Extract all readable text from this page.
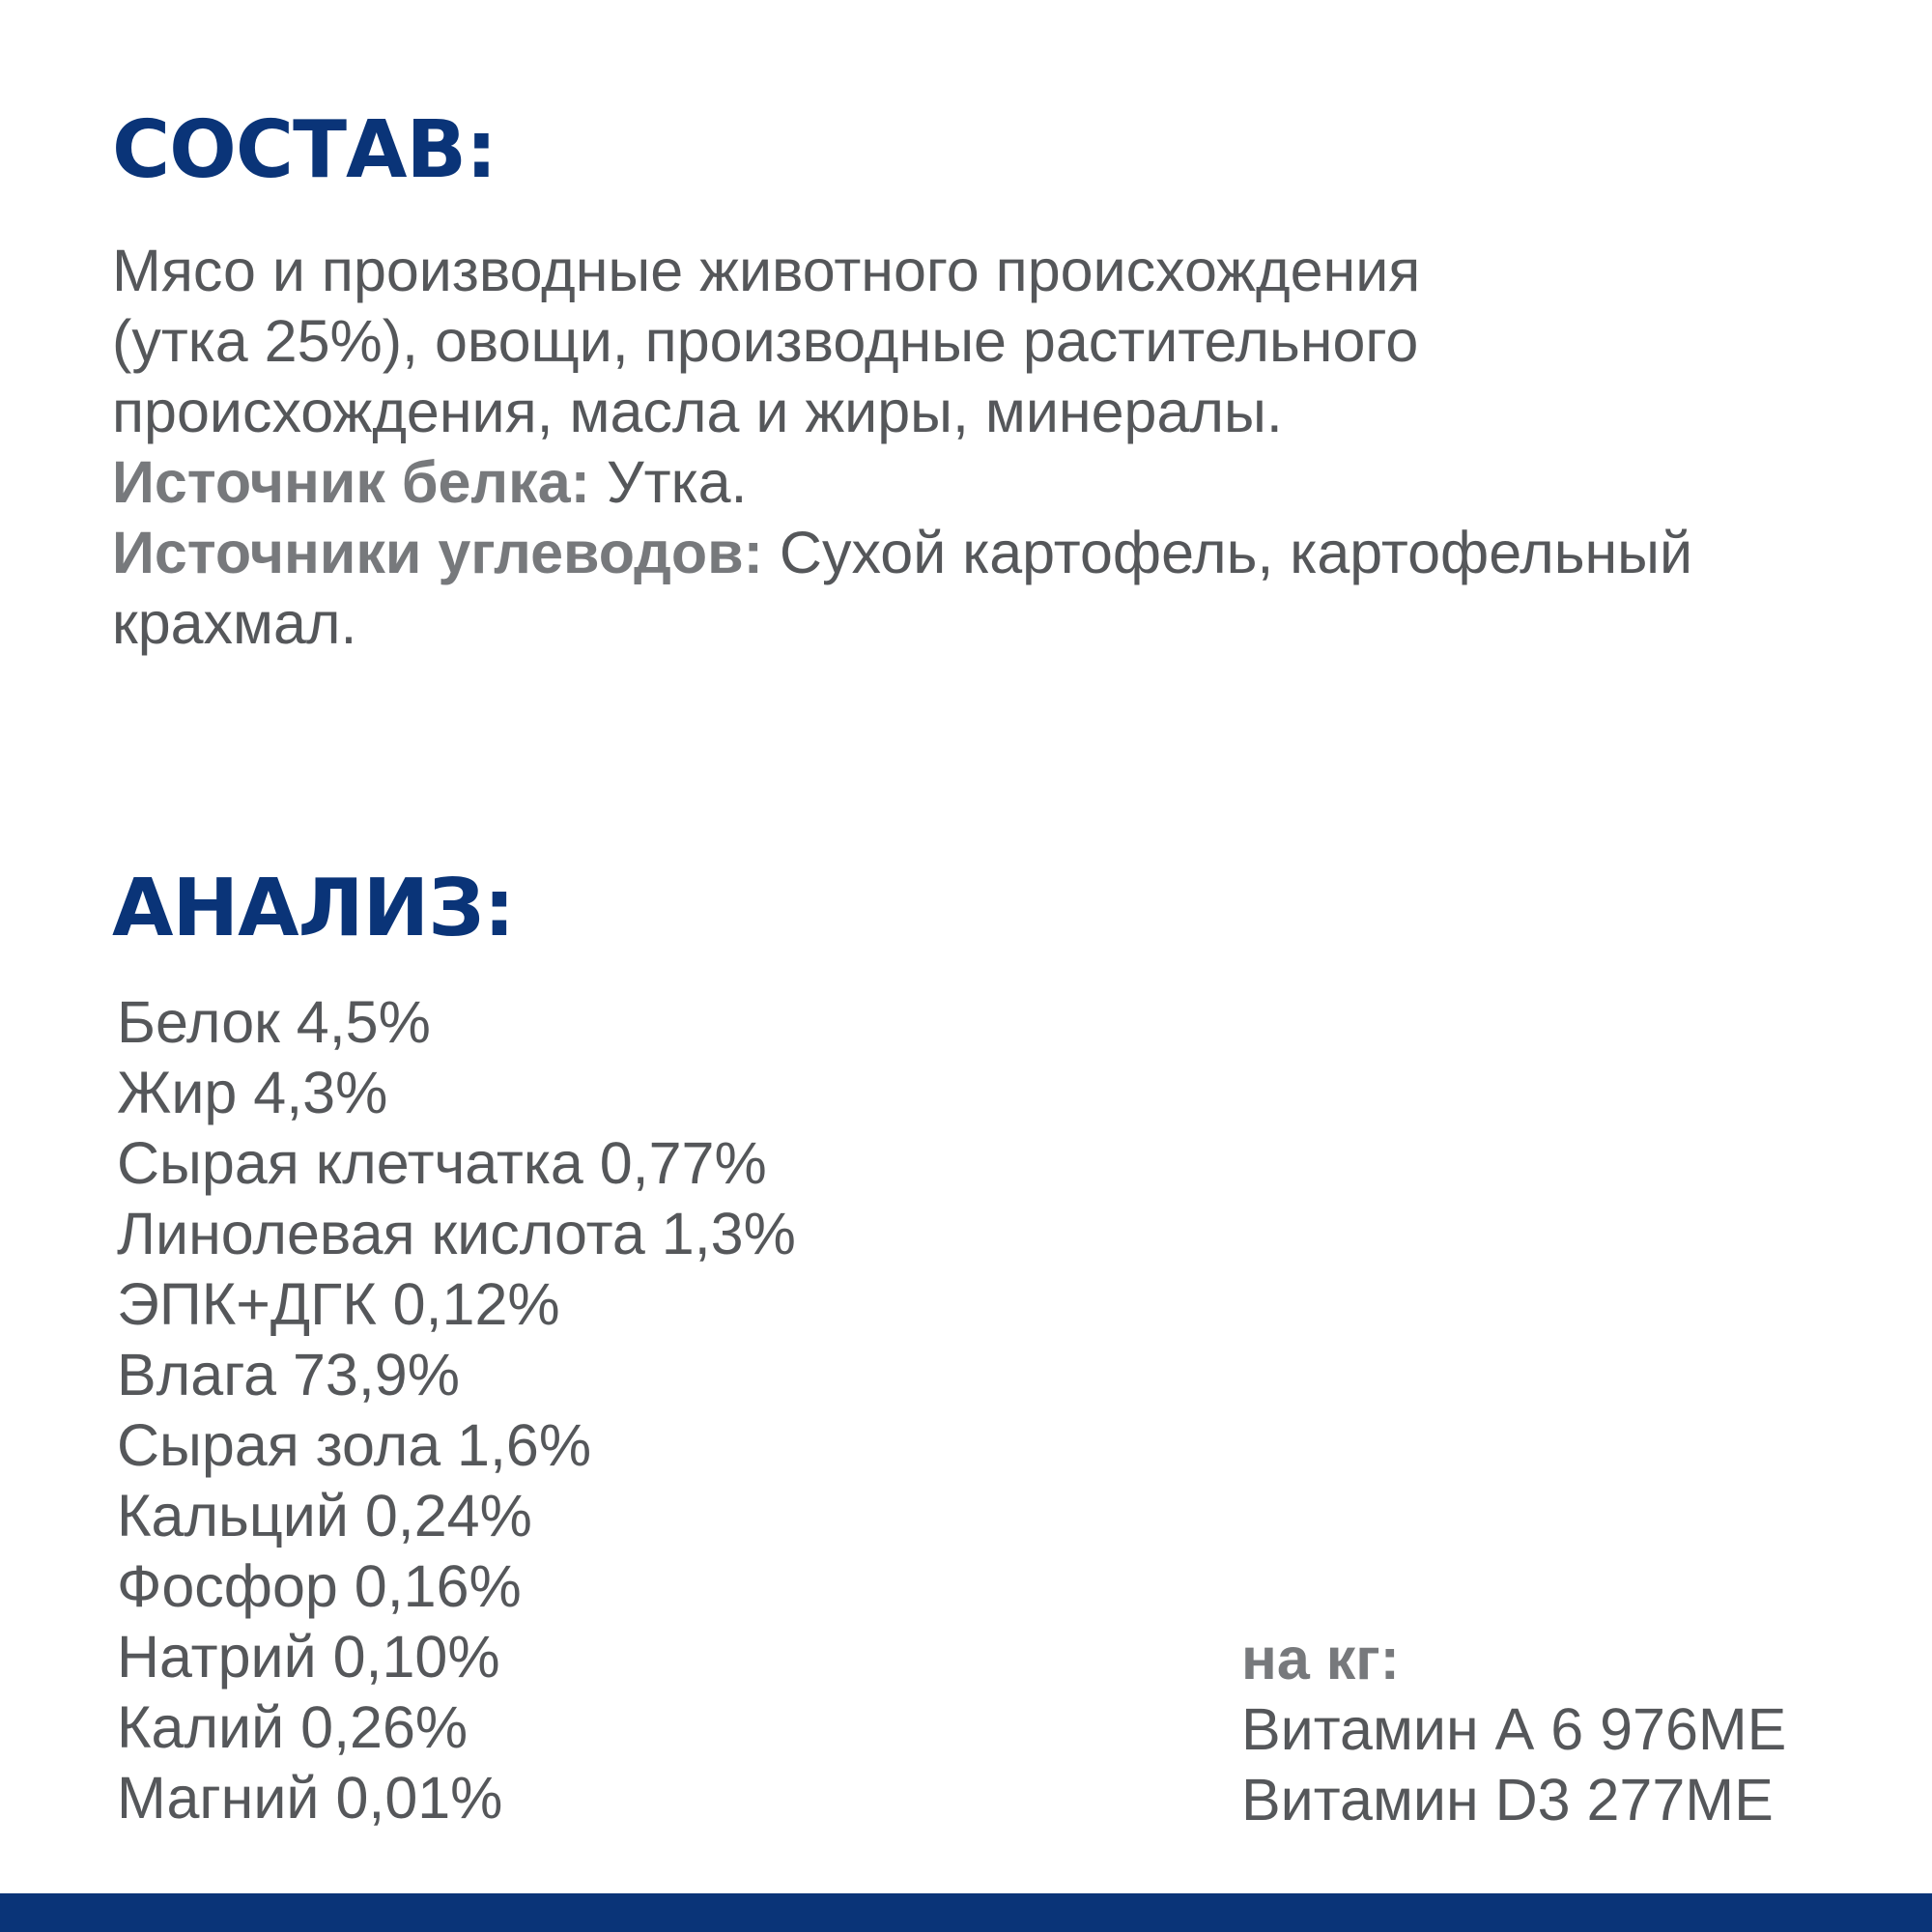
СОСТАВ:

Мясо и производные животного происхождения

(утка 25%), овощи, производные растительного

происхождения, масла и жиры, минералы.

Источник белка: Утка.

Источники углеводов: Сухой картофель, картофельный

крахмал.

АНАЛИЗ:
Белок 4,5%
Жир 4,3%
Сырая клетчатка 0,77%
Линолевая кислота 1,3%
ЭПК+ДГК 0,12%
Влага 73,9%
Сырая зола 1,6%
Кальций 0,24%
Фосфор 0,16%
Натрий 0,10%
Калий 0,26%
Магний 0,01%
на кг:
Витамин А 6 976МЕ
Витамин D3 277МЕ
